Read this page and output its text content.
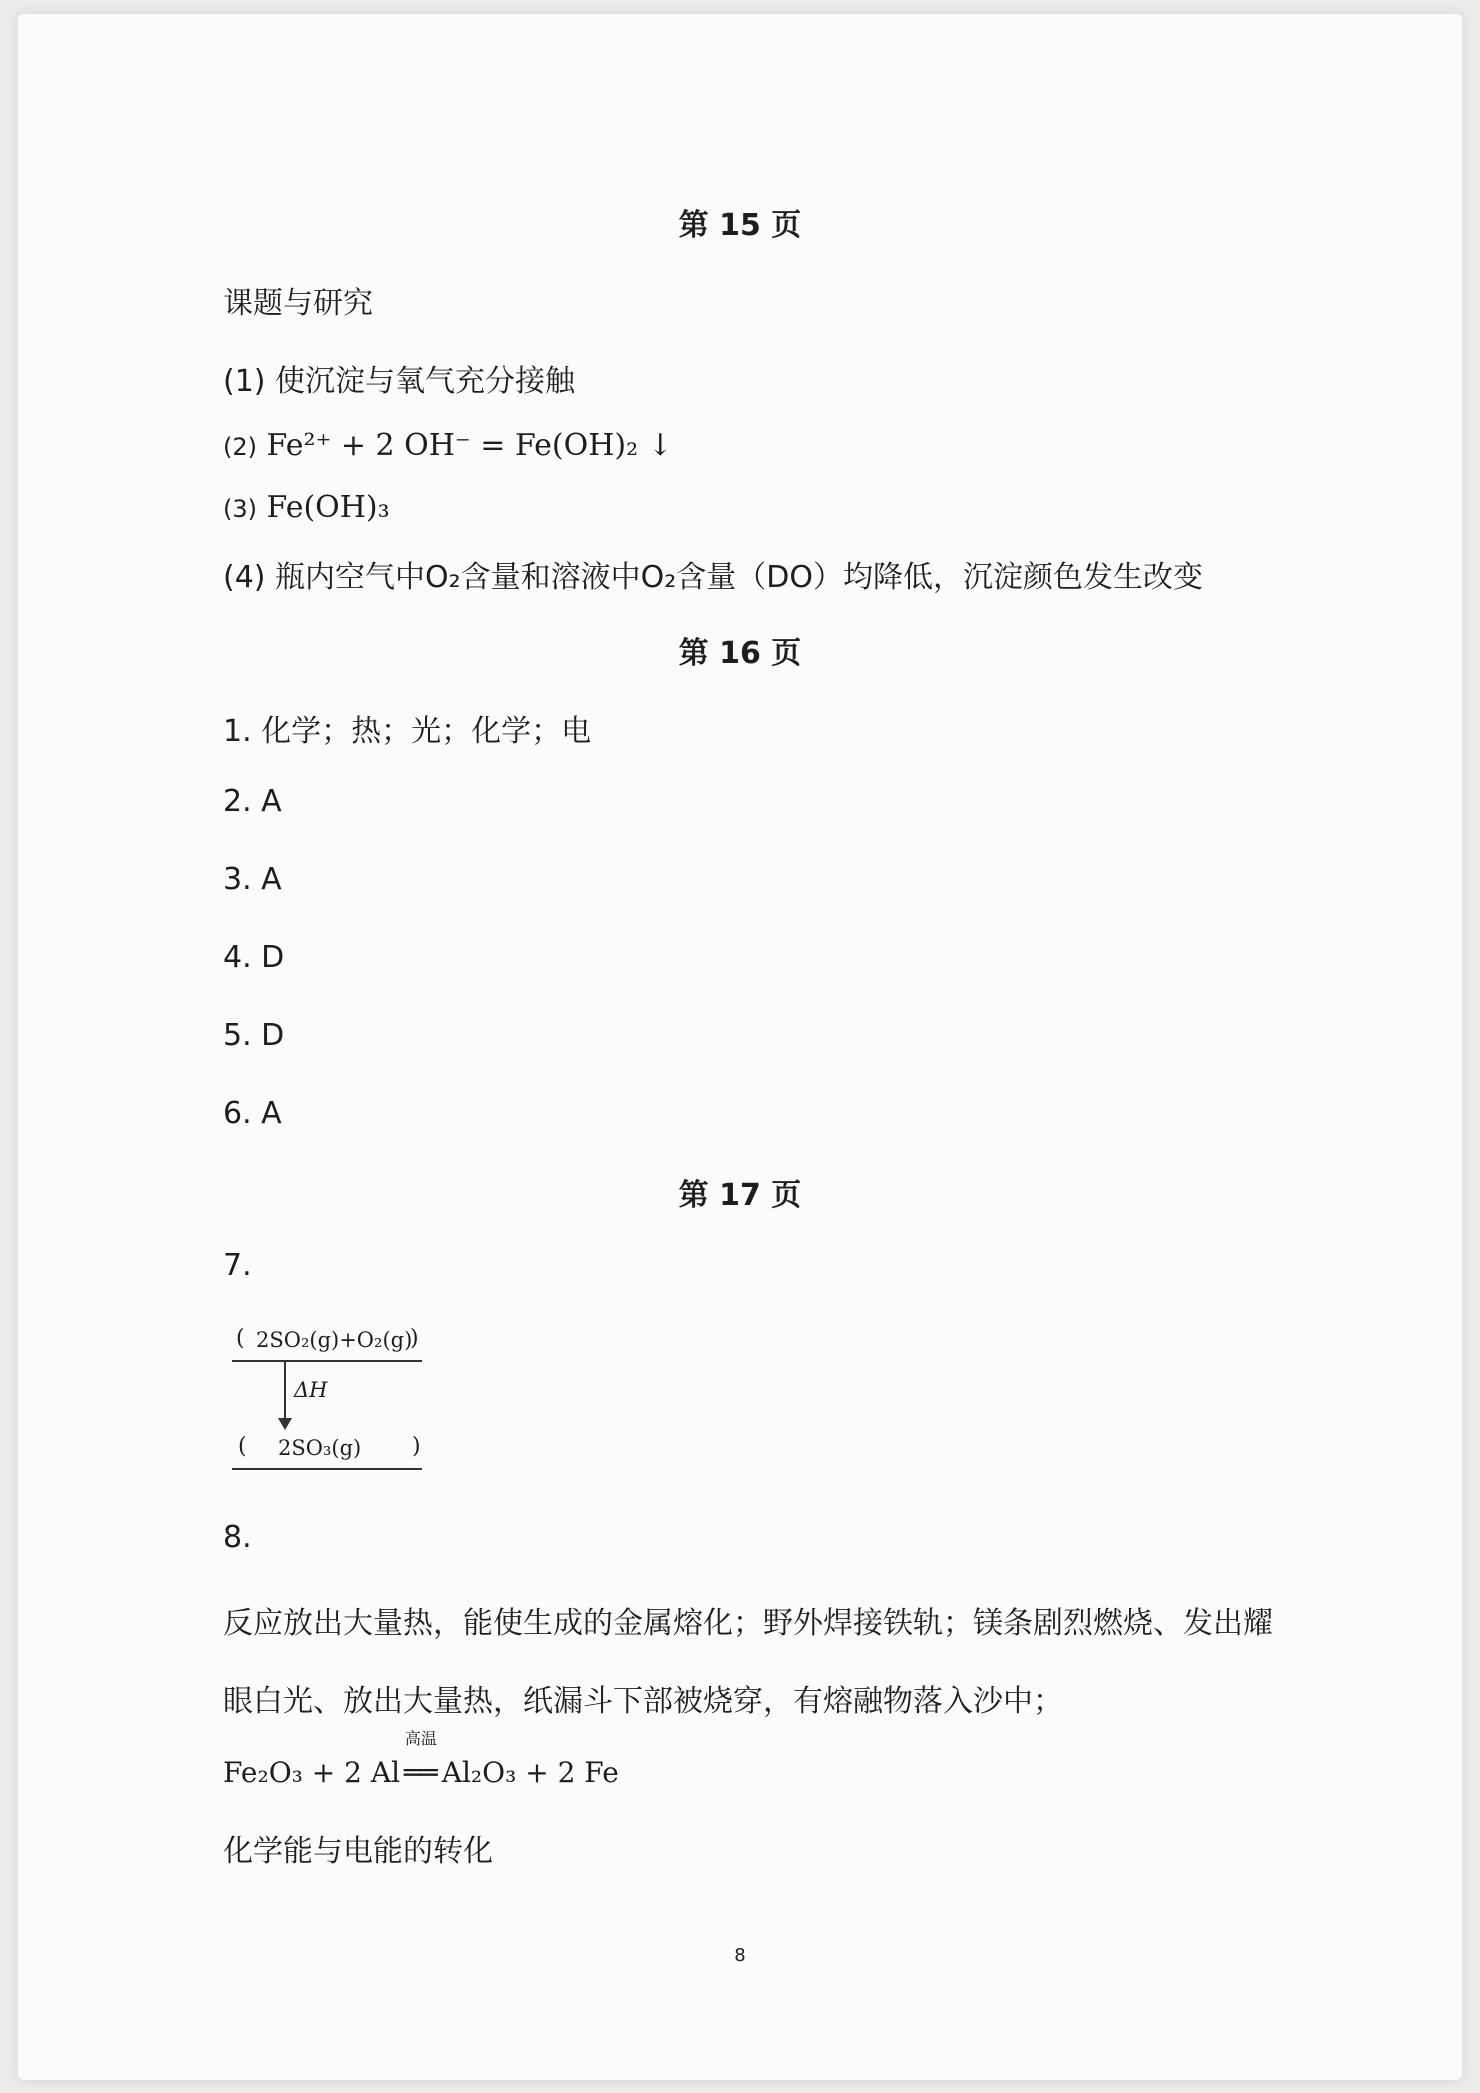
第 15 页
课题与研究
(1) 使沉淀与氧气充分接触
(2) Fe²⁺ + 2 OH⁻ = Fe(OH)₂ ↓
(3) Fe(OH)₃
(4) 瓶内空气中O₂含量和溶液中O₂含量（DO）均降低，沉淀颜色发生改变
第 16 页
1. 化学；热；光；化学；电
2. A
3. A
4. D
5. D
6. A
第 17 页
7.
( 2SO₂(g)+O₂(g)
)
ΔH
( 2SO₃(g) )
8.
反应放出大量热，能使生成的金属熔化；野外焊接铁轨；镁条剧烈燃烧、发出耀
眼白光、放出大量热，纸漏斗下部被烧穿，有熔融物落入沙中；
Fe₂O₃ + 2 Al
高温
══ Al₂O₃ + 2 Fe
化学能与电能的转化
8
